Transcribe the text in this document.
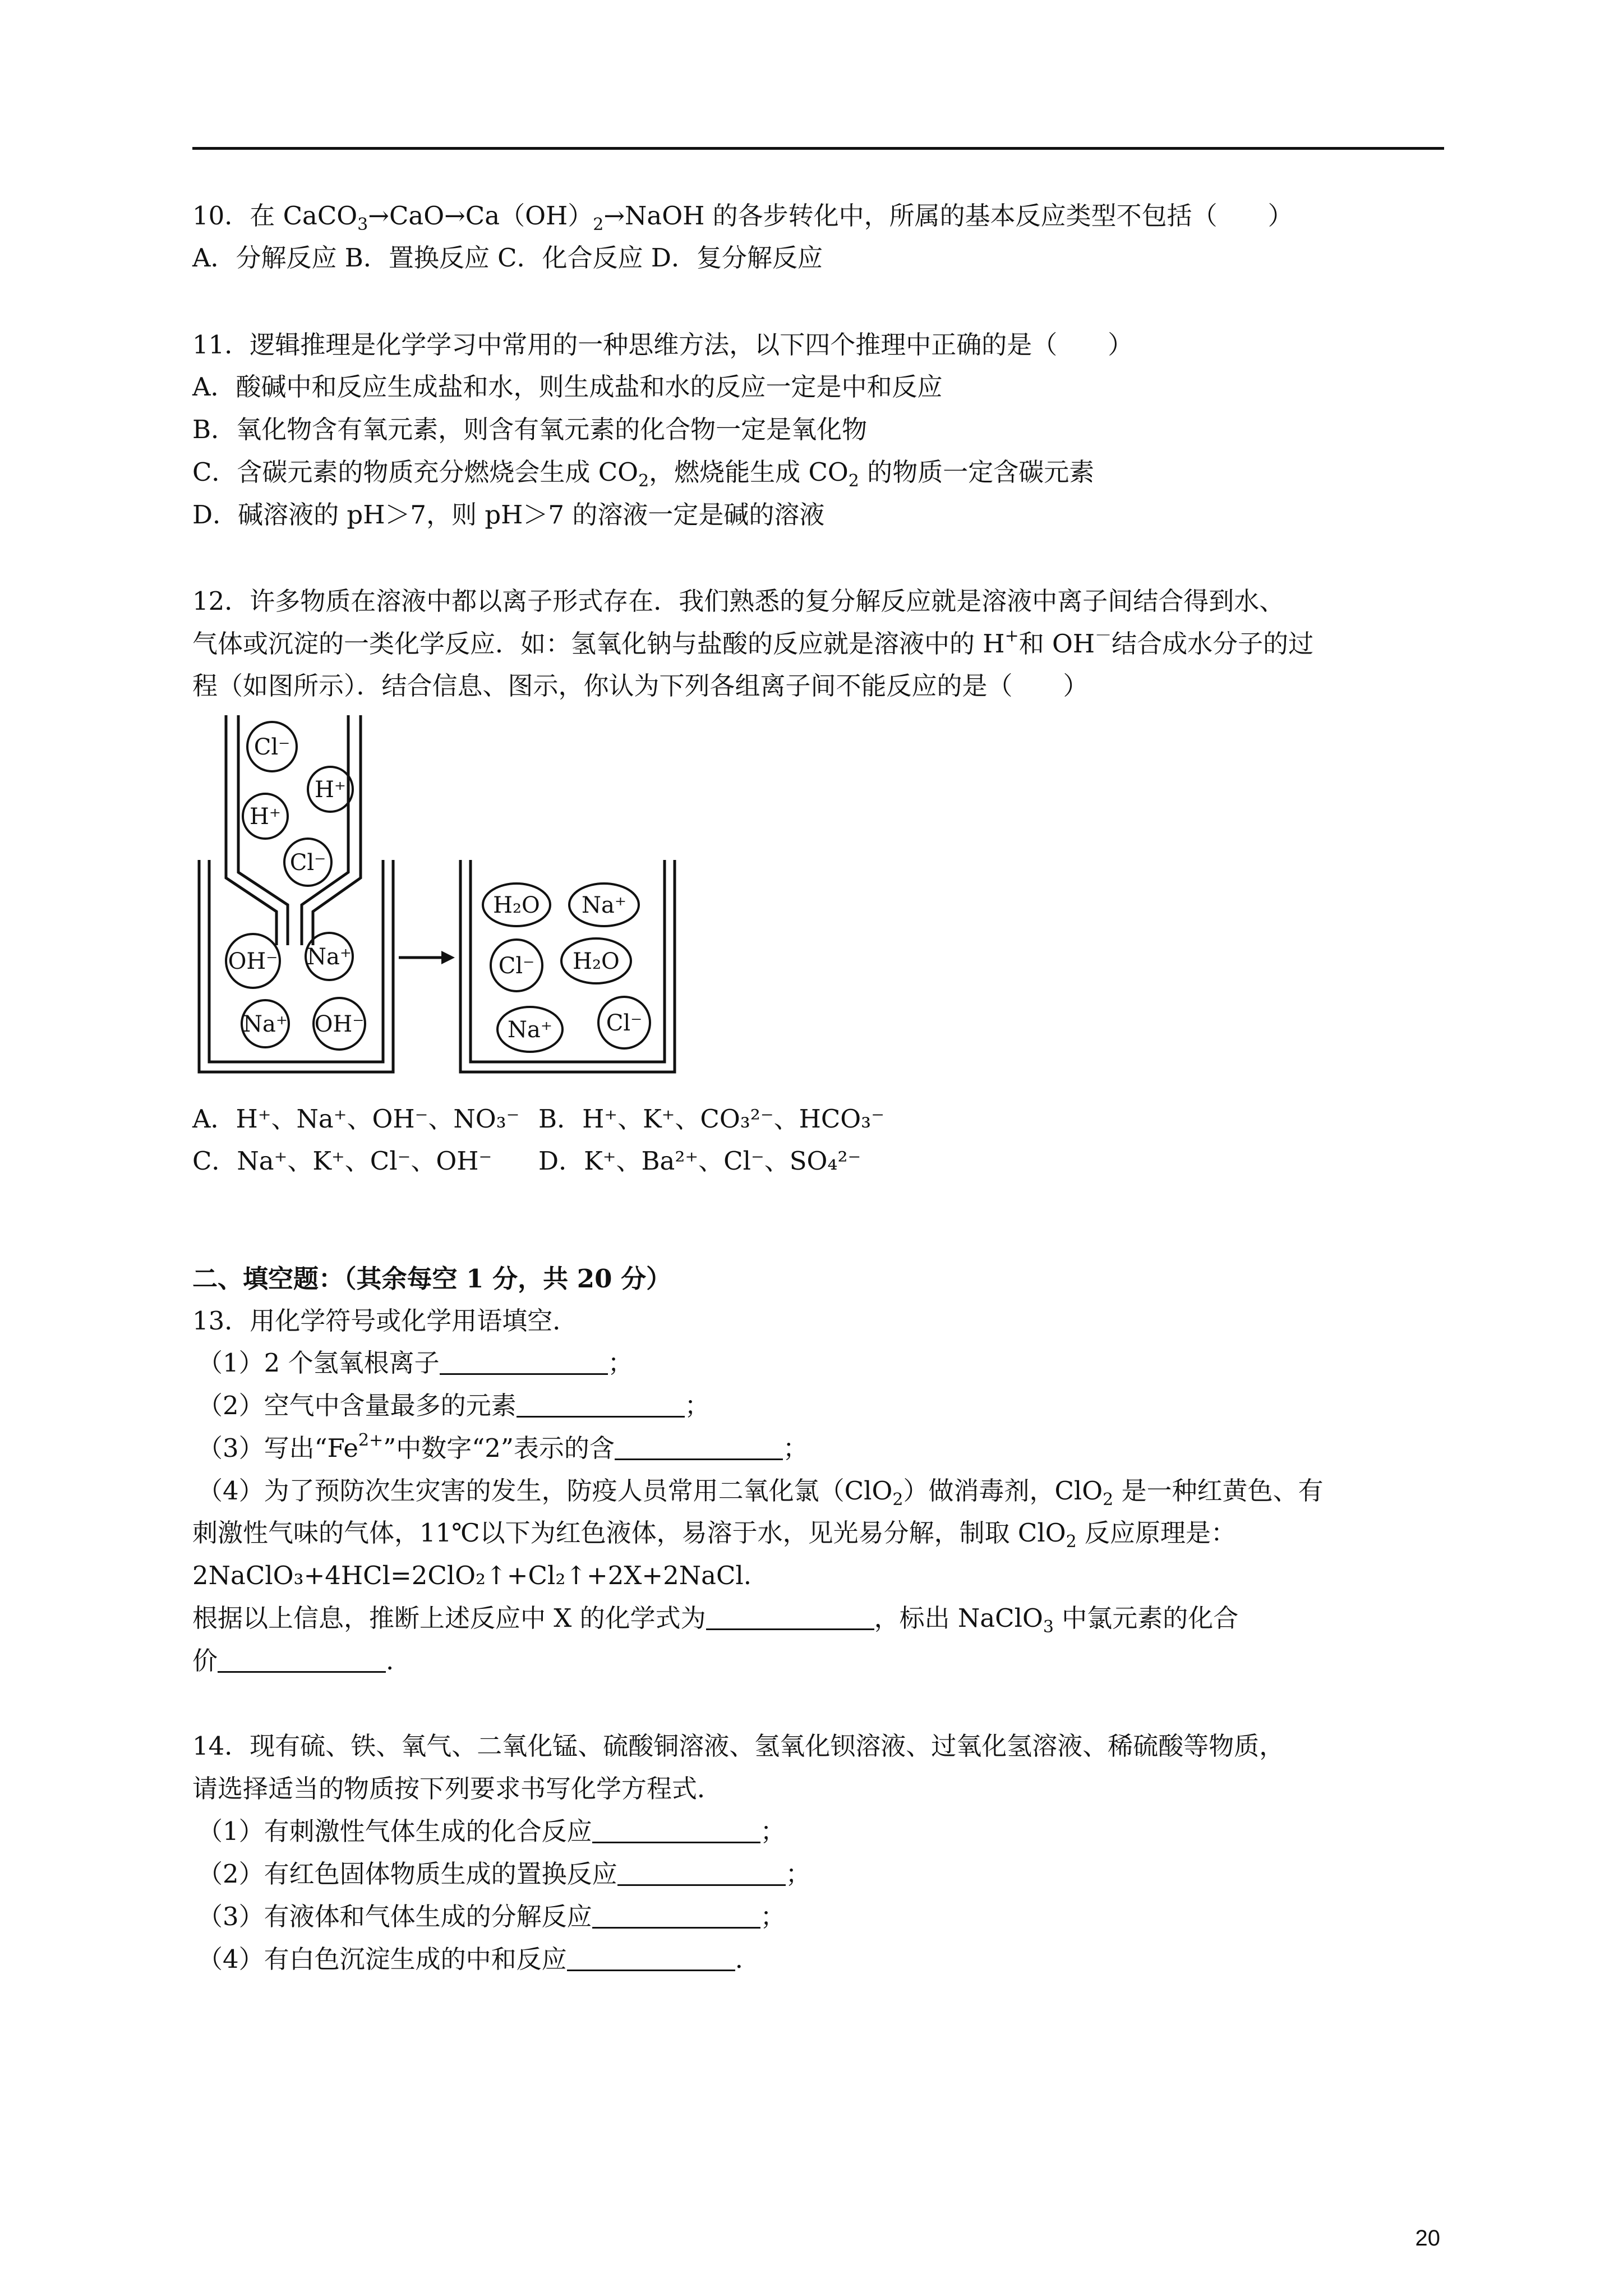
10．在 $CaCO_3\to CaO\to Ca(OH)_2\to NaOH$ 的各步转化中，所属的基本反应类型不包括（　　）
A．分解反应 B．置换反应 C．化合反应 D．复分解反应
11．逻辑推理是化学学习中常用的一种思维方法，以下四个推理中正确的是（　　）
A．酸碱中和反应生成盐和水，则生成盐和水的反应一定是中和反应
B．氧化物含有氧元素，则含有氧元素的化合物一定是氧化物
C．含碳元素的物质充分燃烧会生成 $CO_2$，燃烧能生成 $CO_2$ 的物质一定含碳元素
D．碱溶液的 pH＞7，则 pH＞7 的溶液一定是碱的溶液
12．许多物质在溶液中都以离子形式存在．我们熟悉的复分解反应就是溶液中离子间结合得到水、
气体或沉淀的一类化学反应．如：氢氧化钠与盐酸的反应就是溶液中的 H+和 OH－结合成水分子的过
程（如图所示）．结合信息、图示，你认为下列各组离子间不能反应的是（　　）
Cl⁻
H⁺
H⁺
Cl⁻
OH⁻ Na⁺
Na⁺ OH⁻
H₂O Na⁺
Cl⁻ H₂O
Na⁺ Cl⁻
A．H⁺、Na⁺、OH⁻、NO₃⁻ B．H⁺、K⁺、CO₃²⁻、HCO₃⁻
C．Na⁺、K⁺、Cl⁻、OH⁻ D．K⁺、Ba²⁺、Cl⁻、SO₄²⁻
二、填空题：（其余每空 1 分，共 20 分）
13．用化学符号或化学用语填空．
（1）2 个氢氧根离子	；
（2）空气中含量最多的元素	；
（3）写出“$Fe^{2+}$”中数字“2”表示的含	；
（4）为了预防次生灾害的发生，防疫人员常用二氧化氯（ClO$_2$）做消毒剂，ClO$_2$ 是一种红黄色、有
刺激性气味的气体，11℃以下为红色液体，易溶于水，见光易分解，制取 ClO$_2$ 反应原理是：
2NaClO₃+4HCl=2ClO₂↑+Cl₂↑+2X+2NaCl.
根据以上信息，推断上述反应中 X 的化学式为	，标出 NaClO$_3$ 中氯元素的化合
价	.
14．现有硫、铁、氧气、二氧化锰、硫酸铜溶液、氢氧化钡溶液、过氧化氢溶液、稀硫酸等物质，
请选择适当的物质按下列要求书写化学方程式．
（1）有刺激性气体生成的化合反应	；
（2）有红色固体物质生成的置换反应	；
（3）有液体和气体生成的分解反应	；
（4）有白色沉淀生成的中和反应	.
20
